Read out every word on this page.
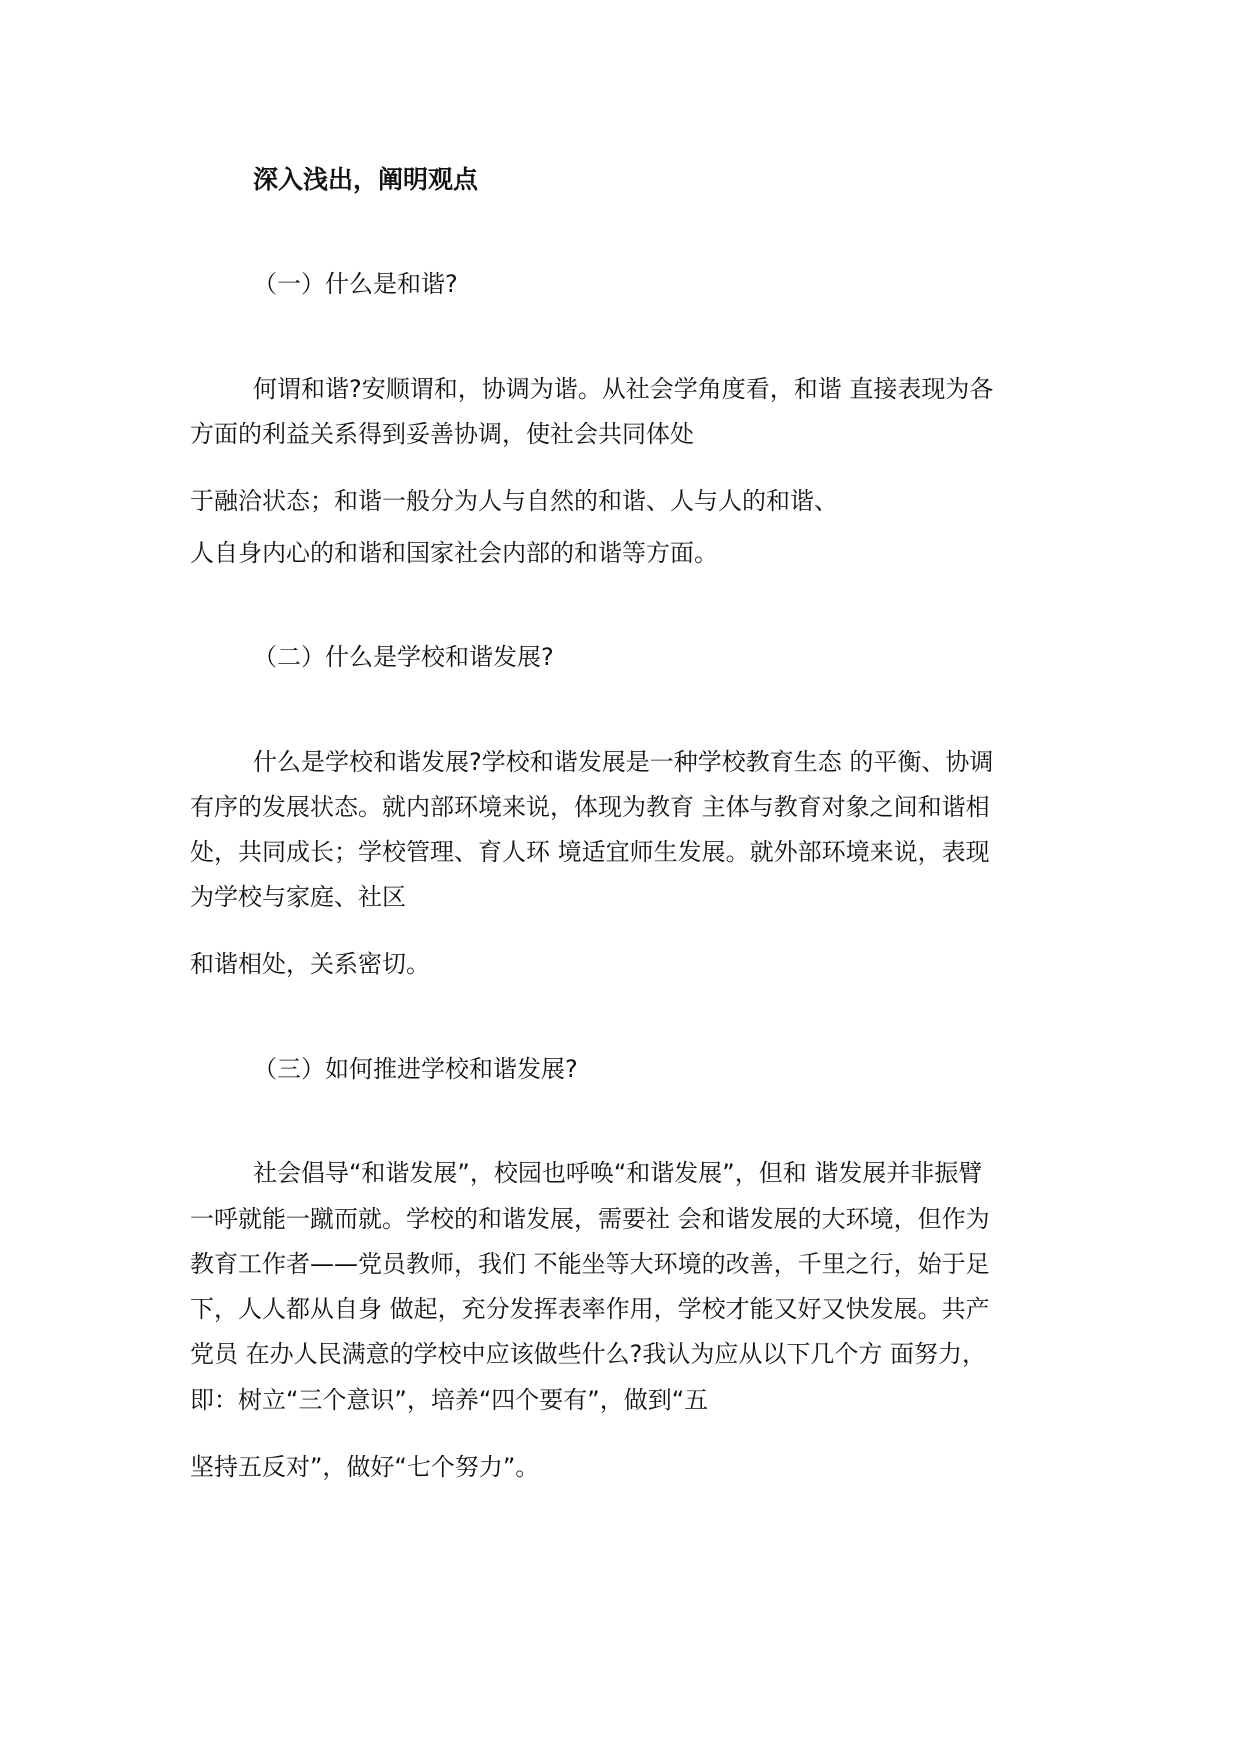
深入浅出，阐明观点
（一）什么是和谐?
何谓和谐?安顺谓和，协调为谐。从社会学角度看，和谐 直接表现为各
方面的利益关系得到妥善协调，使社会共同体处
于融洽状态；和谐一般分为人与自然的和谐、人与人的和谐、
人自身内心的和谐和国家社会内部的和谐等方面。
（二）什么是学校和谐发展?
什么是学校和谐发展?学校和谐发展是一种学校教育生态 的平衡、协调
有序的发展状态。就内部环境来说，体现为教育 主体与教育对象之间和谐相
处，共同成长；学校管理、育人环 境适宜师生发展。就外部环境来说，表现
为学校与家庭、社区
和谐相处，关系密切。
（三）如何推进学校和谐发展?
社会倡导“和谐发展”，校园也呼唤“和谐发展”，但和 谐发展并非振臂
一呼就能一蹴而就。学校的和谐发展，需要社 会和谐发展的大环境，但作为
教育工作者——党员教师，我们 不能坐等大环境的改善，千里之行，始于足
下，人人都从自身 做起，充分发挥表率作用，学校才能又好又快发展。共产
党员 在办人民满意的学校中应该做些什么?我认为应从以下几个方 面努力，
即：树立“三个意识”，培养“四个要有”，做到“五
坚持五反对”，做好“七个努力”。
